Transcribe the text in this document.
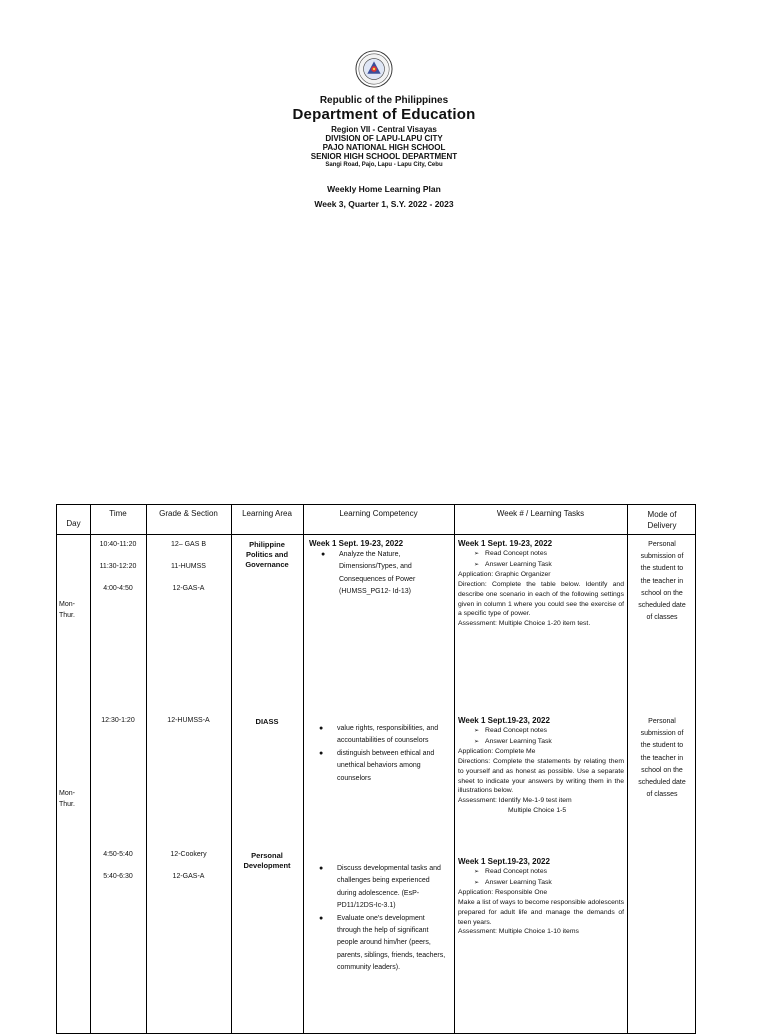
Republic of the Philippines
Department of Education
Region VII - Central Visayas
DIVISION OF LAPU-LAPU CITY
PAJO NATIONAL HIGH SCHOOL
SENIOR HIGH SCHOOL DEPARTMENT
Sangi Road, Pajo, Lapu - Lapu City, Cebu
Weekly Home Learning Plan
Week 3, Quarter 1, S.Y. 2022 - 2023
Day
Time	Grade & Section	Learning Area	Learning Competency	Week # / Learning Tasks	Mode of
Delivery
Mon-
Thur.
10:40-11:20
11:30-12:20
4:00-4:50
12– GAS B
11-HUMSS
12-GAS-A
Philippine
Politics and
Governance
Week 1 Sept. 19-23, 2022
● Analyze the Nature, Dimensions/Types, and Consequences of Power (HUMSS_PG12- Id-13)
Week 1 Sept. 19-23, 2022
➢ Read Concept notes
➢ Answer Learning Task
Application: Graphic Organizer
Direction: Complete the table below. Identify and describe one scenario in each of the following settings given in column 1 where you could see the exercise of a specific type of power.
Assessment: Multiple Choice 1-20 item test.
Personal
submission of
the student to
the teacher in
school on the
scheduled date
of classes
Mon-
Thur.
12:30-1:20	12-HUMSS-A	DIASS
● value rights, responsibilities, and accountabilities of counselors
● distinguish between ethical and unethical behaviors among counselors
Week 1 Sept.19-23, 2022
➢ Read Concept notes
➢ Answer Learning Task
Application: Complete Me
Directions: Complete the statements by relating them to yourself and as honest as possible. Use a separate sheet to indicate your answers by writing them in the illustrations below.
Assessment: Identify Me-1-9 test item
Multiple Choice 1-5
Personal
submission of
the student to
the teacher in
school on the
scheduled date
of classes
4:50-5:40
5:40-6:30
12-Cookery
12-GAS-A
Personal
Development
●	Discuss developmental tasks and challenges being experienced during adolescence. (EsP-PD11/12DS-Ic-3.1)
● Evaluate one's development through the help of significant people around him/her (peers, parents, siblings, friends, teachers, community leaders).
Week 1 Sept.19-23, 2022
➢ Read Concept notes
➢ Answer Learning Task
Application: Responsible One
Make a list of ways to become responsible adolescents prepared for adult life and manage the demands of teen years.
Assessment: Multiple Choice 1-10 items
